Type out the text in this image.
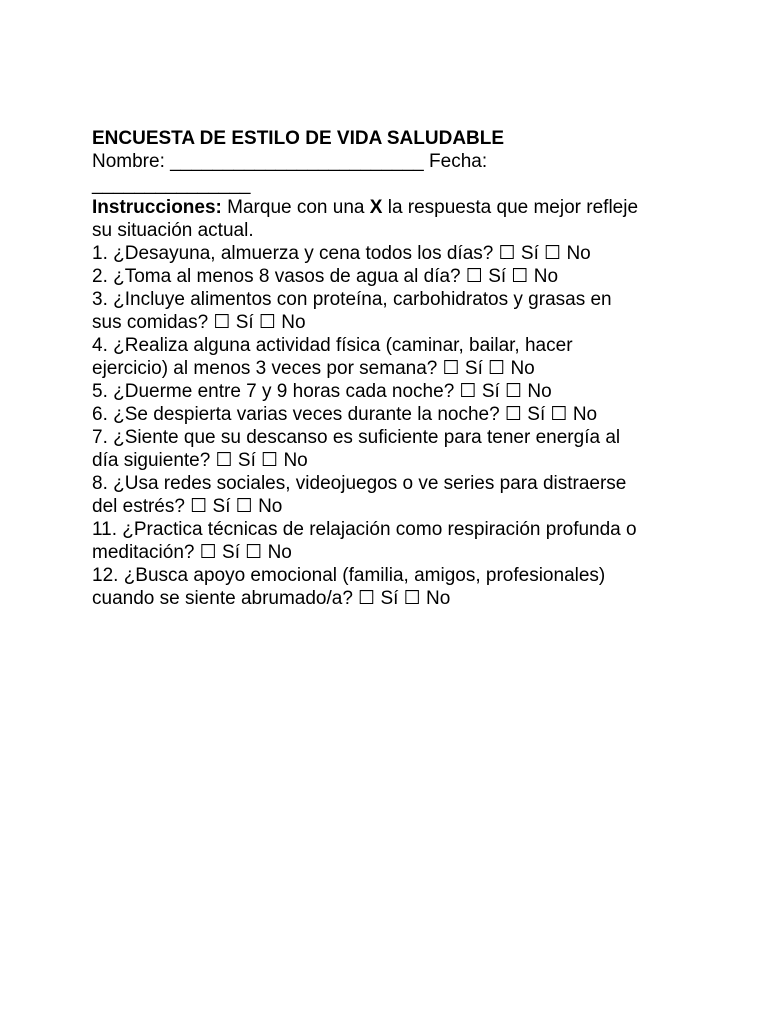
ENCUESTA DE ESTILO DE VIDA SALUDABLE
Nombre: ________________________ Fecha:
_______________
Instrucciones: Marque con una X la respuesta que mejor refleje
su situación actual.
1. ¿Desayuna, almuerza y cena todos los días? ☐ Sí ☐ No
2. ¿Toma al menos 8 vasos de agua al día? ☐ Sí ☐ No
3. ¿Incluye alimentos con proteína, carbohidratos y grasas en
sus comidas? ☐ Sí ☐ No
4. ¿Realiza alguna actividad física (caminar, bailar, hacer
ejercicio) al menos 3 veces por semana? ☐ Sí ☐ No
5. ¿Duerme entre 7 y 9 horas cada noche? ☐ Sí ☐ No
6. ¿Se despierta varias veces durante la noche? ☐ Sí ☐ No
7. ¿Siente que su descanso es suficiente para tener energía al
día siguiente? ☐ Sí ☐ No
8. ¿Usa redes sociales, videojuegos o ve series para distraerse
del estrés? ☐ Sí ☐ No
11. ¿Practica técnicas de relajación como respiración profunda o
meditación? ☐ Sí ☐ No
12. ¿Busca apoyo emocional (familia, amigos, profesionales)
cuando se siente abrumado/a? ☐ Sí ☐ No
